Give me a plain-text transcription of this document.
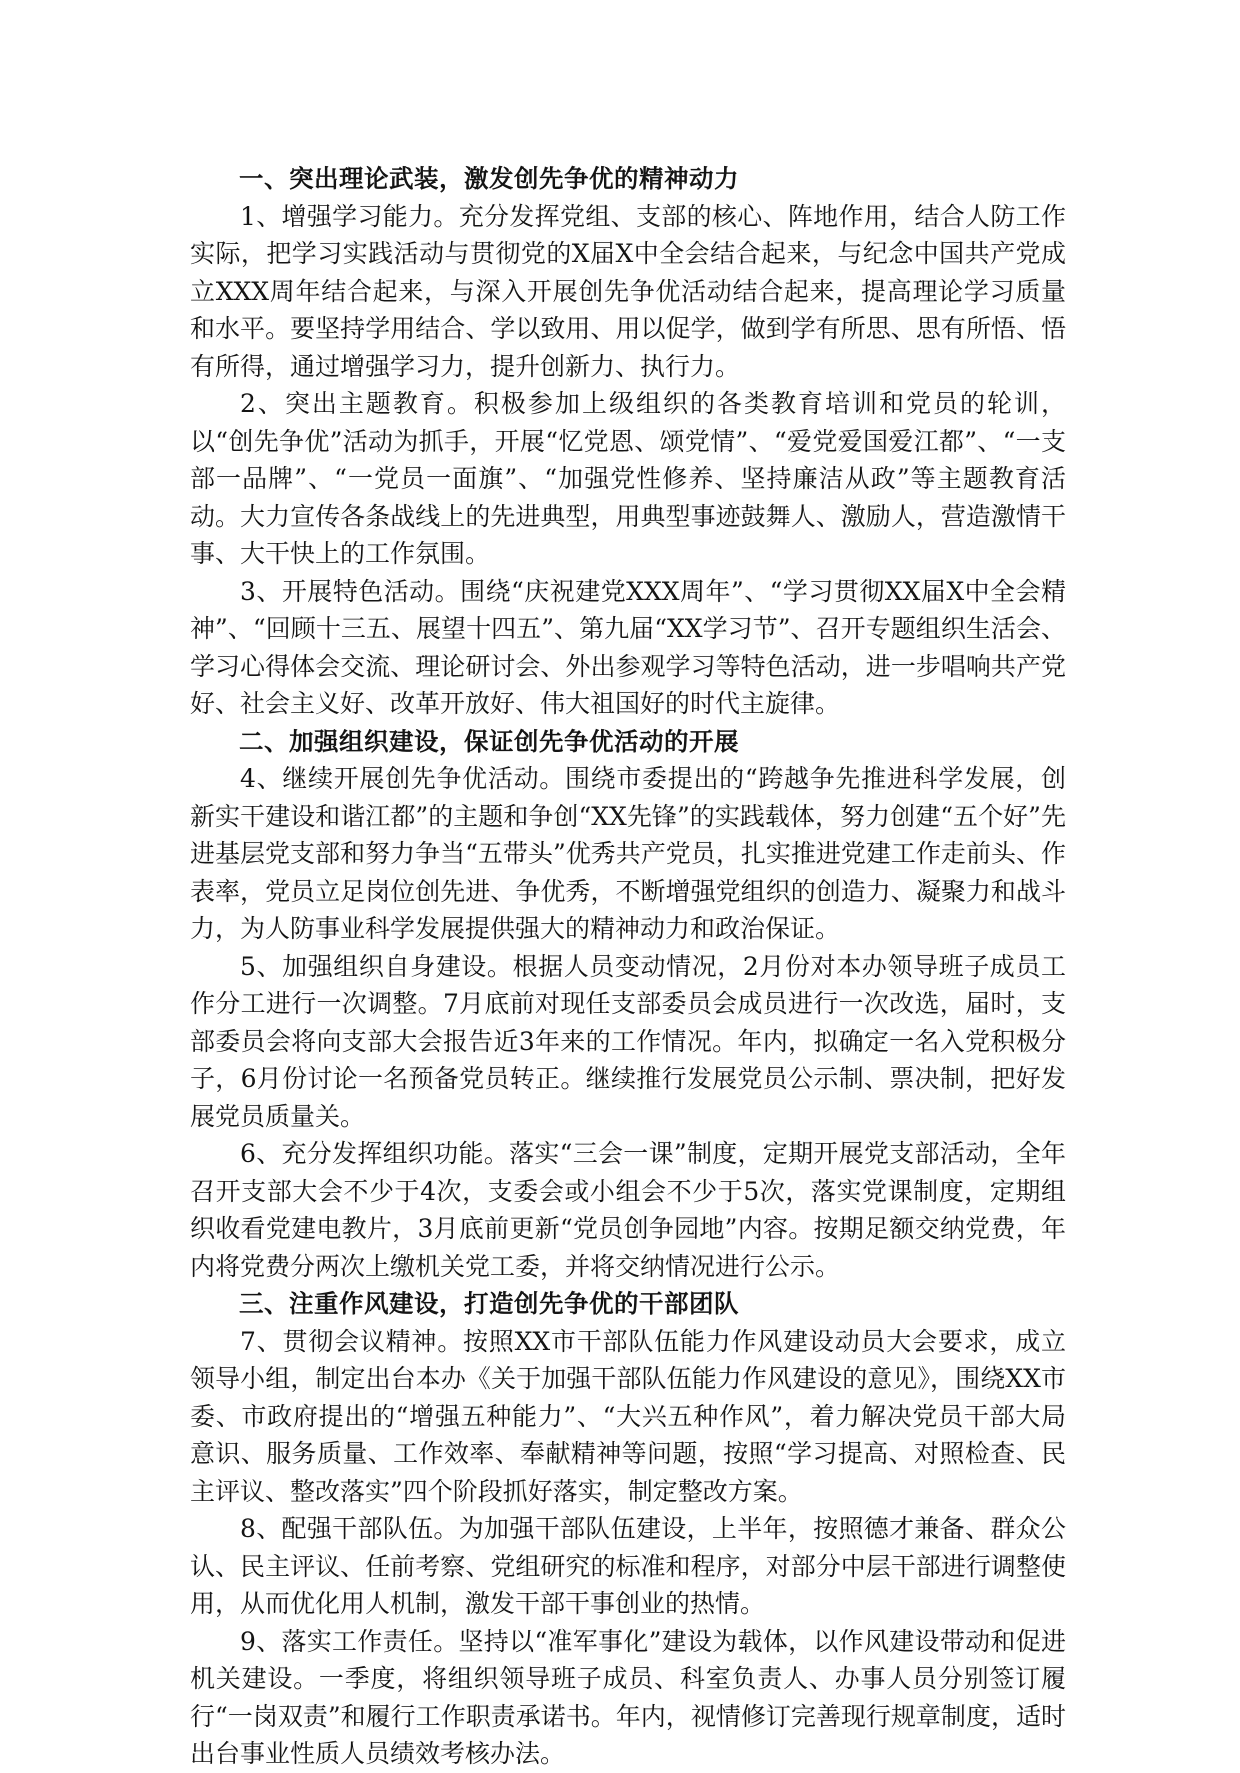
一、突出理论武装，激发创先争优的精神动力

1、增强学习能力。充分发挥党组、支部的核心、阵地作用，结合人防工作实际，把学习实践活动与贯彻党的X届X中全会结合起来，与纪念中国共产党成立XXX周年结合起来，与深入开展创先争优活动结合起来，提高理论学习质量和水平。要坚持学用结合、学以致用、用以促学，做到学有所思、思有所悟、悟有所得，通过增强学习力，提升创新力、执行力。

2、突出主题教育。积极参加上级组织的各类教育培训和党员的轮训，以“创先争优”活动为抓手，开展“忆党恩、颂党情”、“爱党爱国爱江都”、“一支部一品牌”、“一党员一面旗”、“加强党性修养、坚持廉洁从政”等主题教育活动。大力宣传各条战线上的先进典型，用典型事迹鼓舞人、激励人，营造激情干事、大干快上的工作氛围。

3、开展特色活动。围绕“庆祝建党XXX周年”、“学习贯彻XX届X中全会精神”、“回顾十三五、展望十四五”、第九届“XX学习节”、召开专题组织生活会、学习心得体会交流、理论研讨会、外出参观学习等特色活动，进一步唱响共产党好、社会主义好、改革开放好、伟大祖国好的时代主旋律。

二、加强组织建设，保证创先争优活动的开展

4、继续开展创先争优活动。围绕市委提出的“跨越争先推进科学发展，创新实干建设和谐江都”的主题和争创“XX先锋”的实践载体，努力创建“五个好”先进基层党支部和努力争当“五带头”优秀共产党员，扎实推进党建工作走前头、作表率，党员立足岗位创先进、争优秀，不断增强党组织的创造力、凝聚力和战斗力，为人防事业科学发展提供强大的精神动力和政治保证。

5、加强组织自身建设。根据人员变动情况，2月份对本办领导班子成员工作分工进行一次调整。7月底前对现任支部委员会成员进行一次改选，届时，支部委员会将向支部大会报告近3年来的工作情况。年内，拟确定一名入党积极分子，6月份讨论一名预备党员转正。继续推行发展党员公示制、票决制，把好发展党员质量关。

6、充分发挥组织功能。落实“三会一课”制度，定期开展党支部活动，全年召开支部大会不少于4次，支委会或小组会不少于5次，落实党课制度，定期组织收看党建电教片，3月底前更新“党员创争园地”内容。按期足额交纳党费，年内将党费分两次上缴机关党工委，并将交纳情况进行公示。

三、注重作风建设，打造创先争优的干部团队

7、贯彻会议精神。按照XX市干部队伍能力作风建设动员大会要求，成立领导小组，制定出台本办《关于加强干部队伍能力作风建设的意见》，围绕XX市委、市政府提出的“增强五种能力”、“大兴五种作风”，着力解决党员干部大局意识、服务质量、工作效率、奉献精神等问题，按照“学习提高、对照检查、民主评议、整改落实”四个阶段抓好落实，制定整改方案。

8、配强干部队伍。为加强干部队伍建设，上半年，按照德才兼备、群众公认、民主评议、任前考察、党组研究的标准和程序，对部分中层干部进行调整使用，从而优化用人机制，激发干部干事创业的热情。

9、落实工作责任。坚持以“准军事化”建设为载体，以作风建设带动和促进机关建设。一季度，将组织领导班子成员、科室负责人、办事人员分别签订履行“一岗双责”和履行工作职责承诺书。年内，视情修订完善现行规章制度，适时出台事业性质人员绩效考核办法。
